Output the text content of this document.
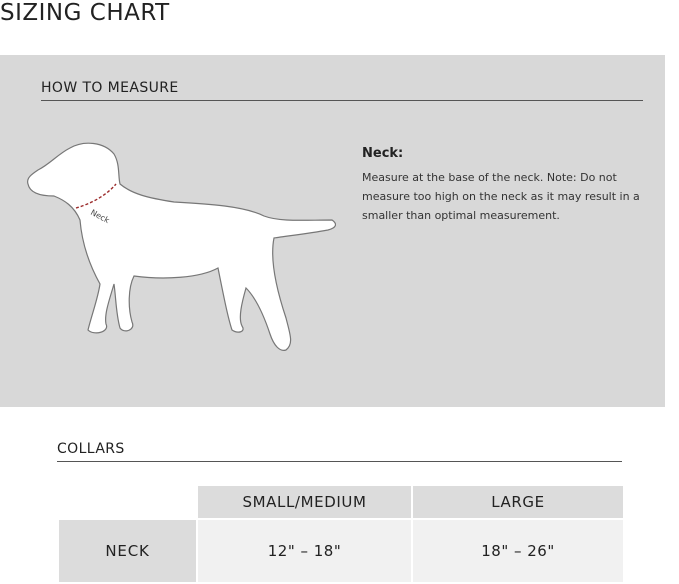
SIZING CHART
HOW TO MEASURE
Neck
Neck:
Measure at the base of the neck. Note: Do not measure too high on the neck as it may result in a smaller than optimal measurement.
COLLARS
	SMALL/MEDIUM	LARGE
NECK	12" – 18"	18" – 26"
